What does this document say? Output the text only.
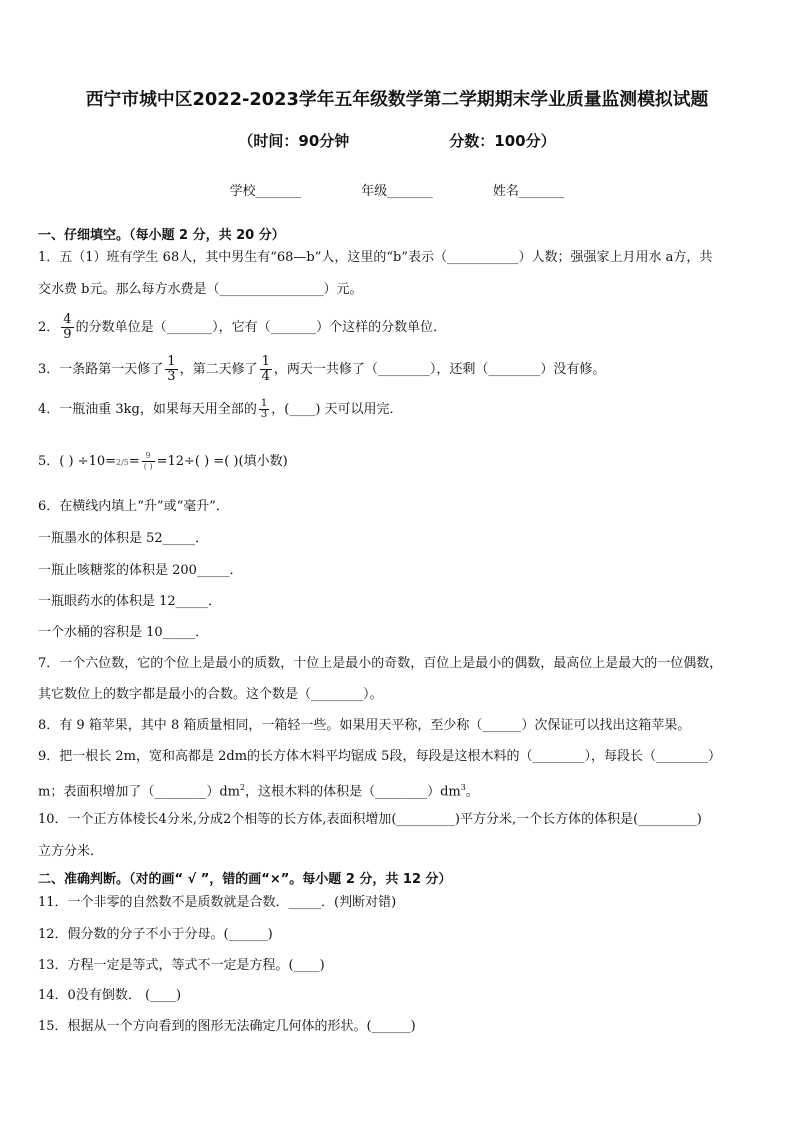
西宁市城中区2022-2023学年五年级数学第二学期期末学业质量监测模拟试题
（时间：90分钟	分数：100分）
学校_______	年级_______	姓名_______
一、仔细填空。（每小题 2 分，共 20 分）
1．五（1）班有学生 68人，其中男生有“68—b”人，这里的“b”表示（___________）人数；强强家上月用水 a方，共
交水费 b元。那么每方水费是（________________）元。
2． $\frac{4}{9}$ 的分数单位是（_______），它有（_______）个这样的分数单位．
3．一条路第一天修了 $\frac{1}{3}$ ，第二天修了 $\frac{1}{4}$ ，两天一共修了（________），还剩（________）没有修。
4．一瓶油重 3kg，如果每天用全部的 $\frac{1}{3}$ ，(____) 天可以用完．
5．( ) $\div 10=2/5= \frac{9}{( )} =12\div$( ) =( )(填小数)
6．在横线内填上“升”或“毫升”．
一瓶墨水的体积是 52_____．
一瓶止咳糖浆的体积是 200_____．
一瓶眼药水的体积是 12_____．
一个水桶的容积是 10_____．
7．一个六位数，它的个位上是最小的质数，十位上是最小的奇数，百位上是最小的偶数，最高位上是最大的一位偶数，
其它数位上的数字都是最小的合数。这个数是（________）。
8．有 9 箱苹果，其中 8 箱质量相同，一箱轻一些。如果用天平称，至少称（______）次保证可以找出这箱苹果。
9．把一根长 2m，宽和高都是 2dm的长方体木料平均锯成 5段，每段是这根木料的（________），每段长（________）
m；表面积增加了$(\_\_\_\_\_\_\_\_)dm^2$，这根木料的体积是$(\_\_\_\_\_\_\_\_)dm^3$。
10．一个正方体棱长4分米,分成2个相等的长方体,表面积增加(_________)平方分米,一个长方体的体积是(_________)
立方分米．
二、准确判断。（对的画“ √ ”，错的画“×”。每小题 2 分，共 12 分）
11．一个非零的自然数不是质数就是合数．_____．(判断对错)
12．假分数的分子不小于分母。(______)
13．方程一定是等式，等式不一定是方程。(____)
14．0没有倒数． (____)
15．根据从一个方向看到的图形无法确定几何体的形状。(______)
